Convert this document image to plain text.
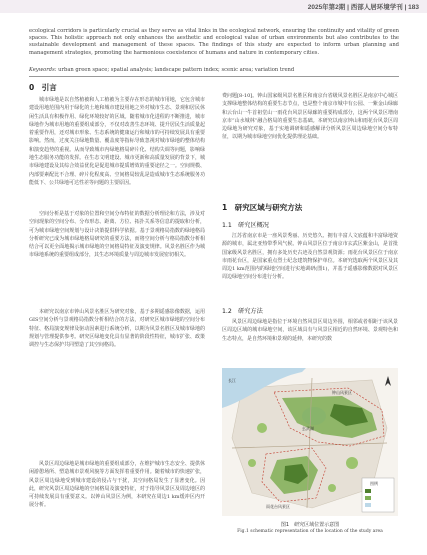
2025年第2期 | 西部人居环境学刊 | 183
ecological corridors is particularly crucial as they serve as vital links in the ecological network, ensuring the continuity and vitality of green spaces. This holistic approach not only enhances the aesthetic and ecological value of urban environments but also contributes to the sustainable development and management of these spaces. The findings of this study are expected to inform urban planning and management strategies, promoting the harmonious coexistence of humans and nature in contemporary cities.
Keywords: urban green space; spatial analysis; landscape pattern index; scenic area; variation trend
0　引言
城市绿地是以自然植被和人工植被为主要存在形态的城市用地，它包含城市建设用地范围内用于绿化的土地和城市建设用地之外对城市生态、景观和居民休闲生活具有积极作用、绿化环境较好的区域。随着城市化进程的不断推进，城市绿地作为城市用地的重要组成部分，不仅对改善生态环境、提升居民生活质量起着重要作用，还对城市形象、生态系统的健康运行和城市的可持续发展具有重要影响。然而，过度关注绿地数量、覆盖度等指标导致忽视对城市绿地的整体结构和演变趋势的重视。从而导致城市内绿地格局碎片化、结构失调等问题，影响绿地生态服务功能的发挥。在生态文明建设、城市更新和高质量发展的背景下，城市绿地建设及其综合效益优化是促进城市提质增效的重要途径之一。空间规模、内部要素配比不合理、碎片化程度高、空间格局较乱是造成城市生态系统服务功能低下、公共绿地可达性差等问题的主要原因。
空间分析是基于对象的位置和空间分布特征的数据分析理论和方法，涉及对空间现象的空间分布、分布形态、距离、方位、拓扑关系等信息的提取和分析，可为城市绿地空间规划与设计决策提供科学依据。基于景观格局指数的绿地格局分析研究已成为城市绿地格局研究的重要方法，而将空间分析与格局指数分析相结合可以更全面地揭示城市绿地的空间格局特征及演变规律。风景名胜区作为城市绿地系统的重要组成部分，其生态环境质量与周边城市发展密切相关。
本研究以南京市钟山风景名胜区为研究对象，基于多期遥感影像数据，运用GIS空间分析与景观格局指数分析相结合的方法，对研究区城市绿地的空间分布特征、格局演变规律及驱动因素进行系统分析，以期为风景名胜区及城市绿地的规划与管理提供参考。研究区绿地变化具有显著的阶段性特征，城市扩张、政策调控与生态保护共同塑造了其空间格局。
风景区周边绿地是城市绿地的重要组成部分，在维护城市生态安全、提供休闲游憩场所、塑造城市景观风貌等方面发挥着重要作用。随着城市的快速扩张，风景区周边绿地受到城市建设的侵占与干扰，其空间格局发生了显著变化。因此，研究风景区周边绿地的空间格局及演变特征，对于指导风景区及周边地区的可持续发展具有重要意义。以钟山风景区为例，本研究在周边1 km缓冲区内开展分析。
费问题[8-10]。钟山国家级风景名胜区和南京台省级风景名胜区是南京中心城区支撑绿地整体结构的重要生态节点，也是整个南京市城中有公园、一紫金山绿廊和云台山一牛首祖堂山一雨花台风景区绿廊的重要构成部分，这两个风景区增南京市“山水城林”融合格局的重要生态基础。本研究以南京钟山和雨花台风景区周边绿地为研究对象，基于实地调研和遥感解译分析风景区周边绿地空间分布特征，以期为城市绿地空间优化提供理论基础。
1　研究区域与研究方法
1.1　研究区概况
江苏省南京市是一座风景秀丽、历史悠久、拥有丰富人文底蕴和丰富绿地资源的城市，属北亚热带季风气候。钟山风景区位于南京市玄武区紫金山，是首批国家级风景名胜区，拥有多处历史古迹及自然景观资源；雨花台风景区位于南京市雨花台区，是国家重点烈士纪念建筑物保护单位。本研究选取两个风景区及其周边1 km范围内的绿地空间进行实地调研(图1)，并基于遥感影像数据对风景区周边绿地空间分布进行分析。
1.2　研究方法
风景区周边绿地是指位于环境自然风景区周边外围，相邻或者相距于该风景区周边区域的城市绿地空间，该区域具有与风景区相近的自然环境、景观特色和生态特点，是自然环境和景观的延伸，本研究的数
钟山风景区
雨花台风景区
玄武湖
长江
图例
图1　研究区域位置示意图
Fig.1 schematic representation of the location of the study area
